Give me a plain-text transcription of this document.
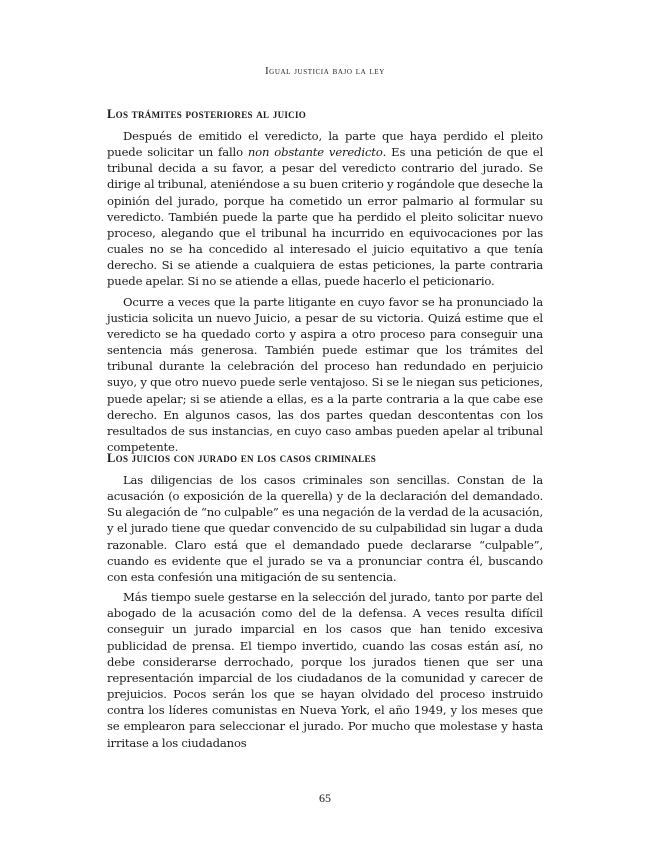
Igual justicia bajo la ley
Los trámites posteriores al juicio

Después de emitido el veredicto, la parte que haya perdido el pleito puede solicitar un fallo non obstante veredicto. Es una petición de que el tribunal decida a su favor, a pesar del veredicto contrario del jurado. Se dirige al tribunal, ateniéndose a su buen criterio y rogándole que deseche la opinión del jurado, porque ha cometido un error palmario al formular su veredicto. También puede la parte que ha perdido el pleito solicitar nuevo proceso, alegando que el tribunal ha incurrido en equivocaciones por las cuales no se ha concedido al interesado el juicio equitativo a que tenía derecho. Si se atiende a cualquiera de estas peticiones, la parte contraria puede apelar. Si no se atiende a ellas, puede hacerlo el peticionario.

Ocurre a veces que la parte litigante en cuyo favor se ha pronunciado la justicia solicita un nuevo Juicio, a pesar de su victoria. Quizá estime que el veredicto se ha quedado corto y aspira a otro proceso para conseguir una sentencia más generosa. También puede estimar que los trámites del tribunal durante la celebración del proceso han redundado en perjuicio suyo, y que otro nuevo puede serle ventajoso. Si se le niegan sus peticiones, puede apelar; si se atiende a ellas, es a la parte contraria a la que cabe ese derecho. En algunos casos, las dos partes quedan descontentas con los resultados de sus instancias, en cuyo caso ambas pueden apelar al tribunal competente.

Los juicios con jurado en los casos criminales

Las diligencias de los casos criminales son sencillas. Constan de la acusación (o exposición de la querella) y de la declaración del demandado. Su alegación de “no culpable” es una negación de la verdad de la acusación, y el jurado tiene que quedar convencido de su culpabilidad sin lugar a duda razonable. Claro está que el demandado puede declararse “culpable”, cuando es evidente que el jurado se va a pronunciar contra él, buscando con esta confesión una mitigación de su sentencia.

Más tiempo suele gestarse en la selección del jurado, tanto por parte del abogado de la acusación como del de la defensa. A veces resulta difícil conseguir un jurado imparcial en los casos que han tenido excesiva publicidad de prensa. El tiempo invertido, cuando las cosas están así, no debe considerarse derrochado, porque los jurados tienen que ser una representación imparcial de los ciudadanos de la comunidad y carecer de prejuicios. Pocos serán los que se hayan olvidado del proceso instruido contra los líderes comunistas en Nueva York, el año 1949, y los meses que se emplearon para seleccionar el jurado. Por mucho que molestase y hasta irritase a los ciudadanos

65
